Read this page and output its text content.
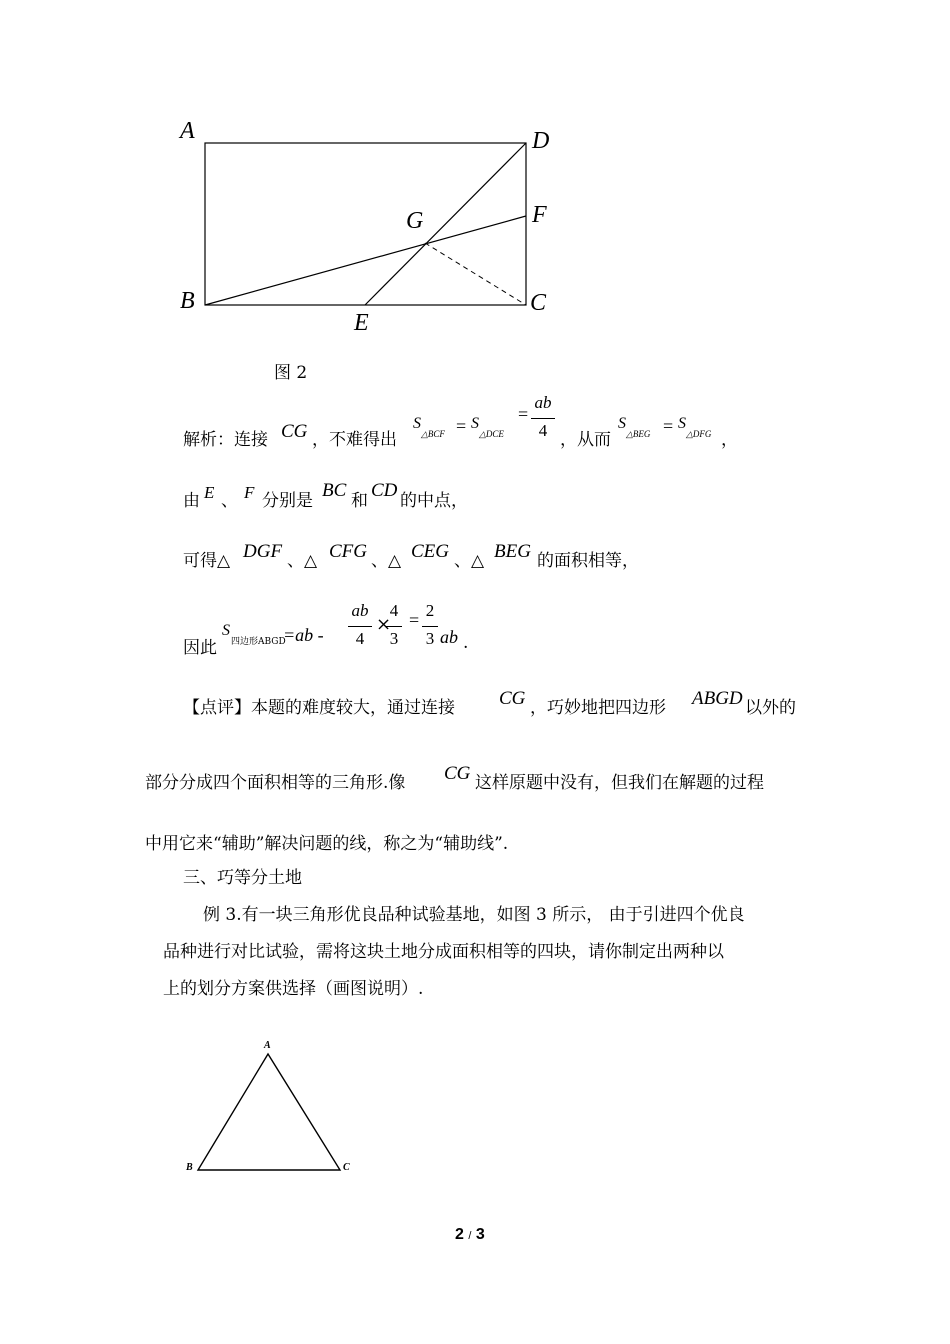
A	D
G	F
B	C
E
图 2
解析：连接 CG ，不难得出
S
△BCF = S
△DCE
=
ab
4 ，从而
S
△BEG = S
△DFG ，
由 E 、 F 分别是 BC 和 CD 的中点，
可得△ DGF 、△ CFG 、△ CEG 、△ BEG 的面积相等，
因此
S
四边形ABGD
=ab -
ab
4
×
4
3
= 2
3 ab .
【点评】本题的难度较大，通过连接 CG ，巧妙地把四边形 ABGD 以外的
部分分成四个面积相等的三角形.像 CG 这样原题中没有，但我们在解题的过程
中用它来“辅助”解决问题的线，称之为“辅助线”.
三、巧等分土地
例 3.有一块三角形优良品种试验基地，如图 3 所示， 由于引进四个优良
品种进行对比试验，需将这块土地分成面积相等的四块，请你制定出两种以
上的划分方案供选择（画图说明）.
A
B	C
2 / 3
